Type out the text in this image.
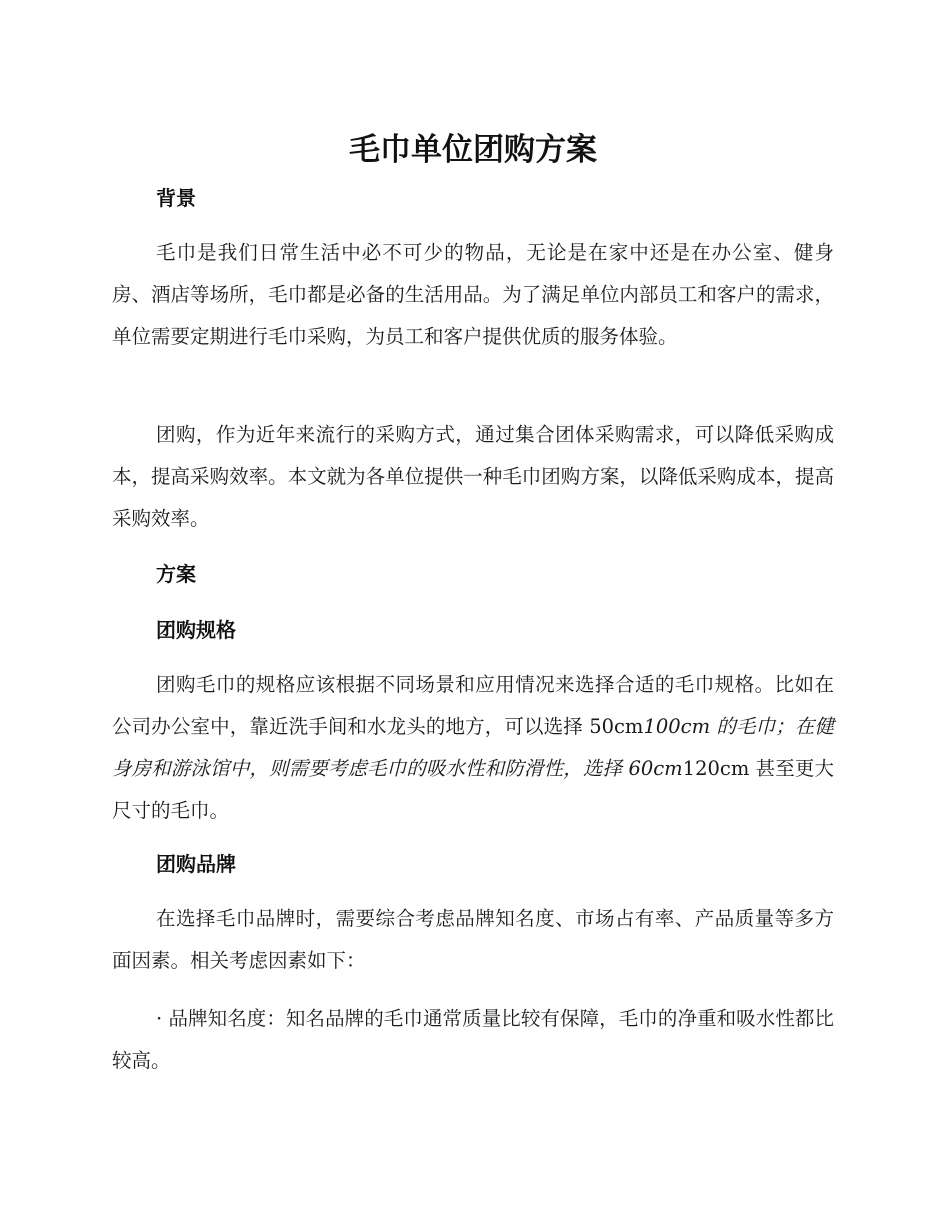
毛巾单位团购方案
背景

毛巾是我们日常生活中必不可少的物品，无论是在家中还是在办公室、健身房、酒店等场所，毛巾都是必备的生活用品。为了满足单位内部员工和客户的需求，单位需要定期进行毛巾采购，为员工和客户提供优质的服务体验。

团购，作为近年来流行的采购方式，通过集合团体采购需求，可以降低采购成本，提高采购效率。本文就为各单位提供一种毛巾团购方案，以降低采购成本，提高采购效率。

方案
团购规格

团购毛巾的规格应该根据不同场景和应用情况来选择合适的毛巾规格。比如在公司办公室中，靠近洗手间和水龙头的地方，可以选择 50cm100cm 的毛巾；在健身房和游泳馆中，则需要考虑毛巾的吸水性和防滑性，选择 60cm120cm 甚至更大尺寸的毛巾。

团购品牌

在选择毛巾品牌时，需要综合考虑品牌知名度、市场占有率、产品质量等多方面因素。相关考虑因素如下：

· 品牌知名度：知名品牌的毛巾通常质量比较有保障，毛巾的净重和吸水性都比较高。
